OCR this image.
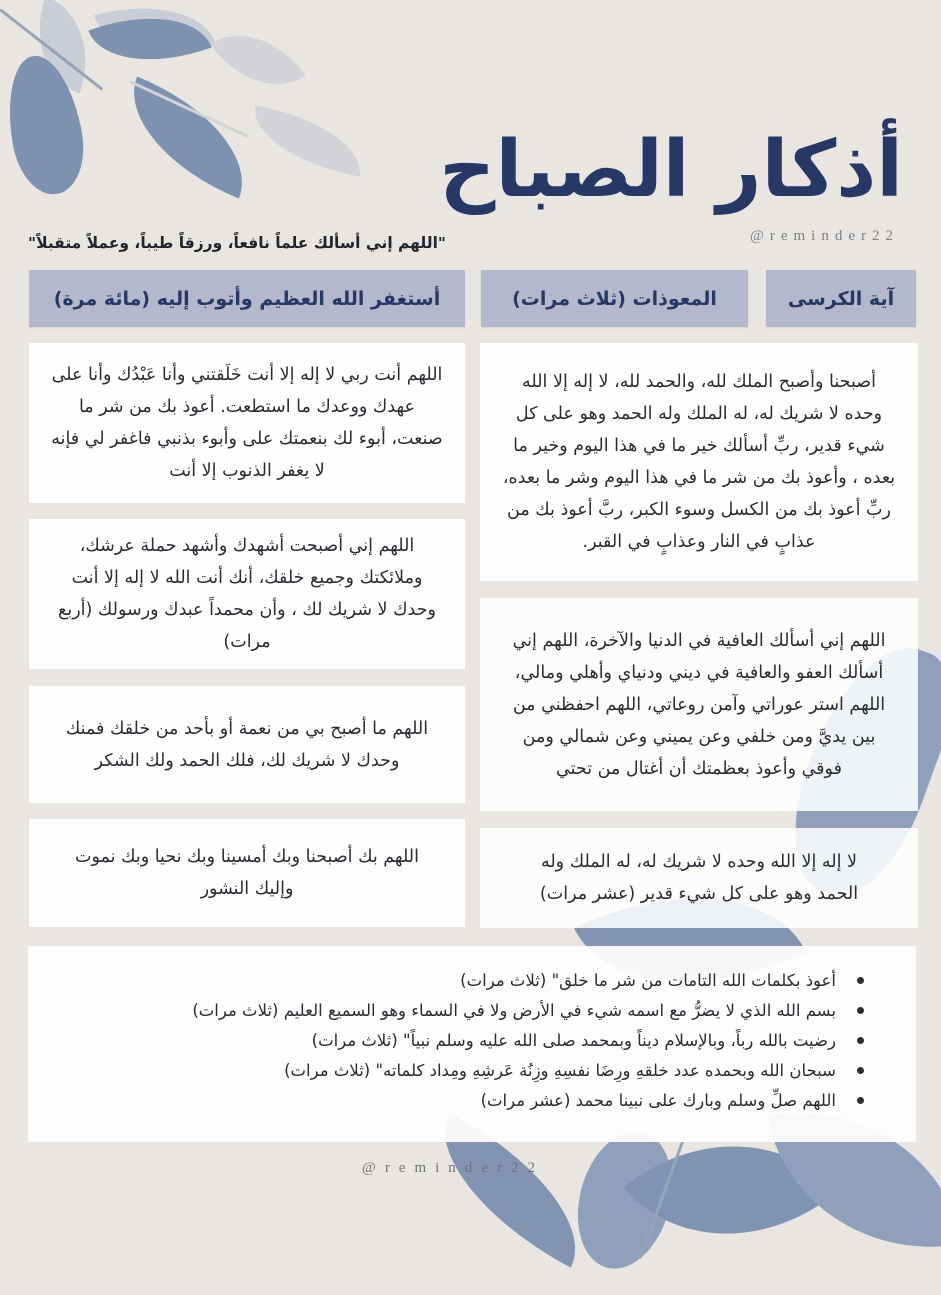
أذكار الصباح
@reminder22
"اللهم إني أسألك علماً نافعاً، ورزقاً طيباً، وعملاً متقبلاً"
آية الكرسى
المعوذات (ثلاث مرات)
أستغفر الله العظيم وأتوب إليه (مائة مرة)
أصبحنا وأصبح الملك لله، والحمد لله، لا إله إلا الله وحده لا شريك له، له الملك وله الحمد وهو على كل شيء قدير، ربِّ أسألك خير ما في هذا اليوم وخير ما بعده ، وأعوذ بك من شر ما في هذا اليوم وشر ما بعده، ربِّ أعوذ بك من الكسل وسوء الكبر، ربَّ أعوذ بك من عذابٍ في النار وعذابٍ في القبر.
اللهم إني أسألك العافية في الدنيا والآخرة، اللهم إني أسألك العفو والعافية في ديني ودنياي وأهلي ومالي، اللهم استر عوراتي وآمن روعاتي، اللهم احفظني من بين يديَّ ومن خلفي وعن يميني وعن شمالي ومن فوقي وأعوذ بعظمتك أن أغتال من تحتي
لا إله إلا الله وحده لا شريك له، له الملك وله الحمد وهو على كل شيء قدير (عشر مرات)
اللهم أنت ربي لا إله إلا أنت خَلَقتني وأنا عَبْدُك وأنا على عهدك ووعدك ما استطعت. أعوذ بك من شر ما صنعت، أبوء لك بنعمتك على وأبوء بذنبي فاغفر لي فإنه لا يغفر الذنوب إلا أنت
اللهم إني أصبحت أشهدك وأشهد حملة عرشك، وملائكتك وجميع خلقك، أنك أنت الله لا إله إلا أنت وحدك لا شريك لك ، وأن محمداً عبدك ورسولك (أربع مرات)
اللهم ما أصبح بي من نعمة أو بأحد من خلقك فمنك وحدك لا شريك لك، فلك الحمد ولك الشكر
اللهم بك أصبحنا وبك أمسينا وبك نحيا وبك نموت وإليك النشور
أعوذ بكلمات الله التامات من شر ما خلق" (ثلاث مرات)
بسم الله الذي لا يضرُّ مع اسمه شيء في الأرض ولا في السماء وهو السميع العليم (ثلاث مرات)
رضيت بالله رباً، وبالإسلام ديناً وبمحمد صلى الله عليه وسلم نبياً" (ثلاث مرات)
سبحان الله وبحمده عدد خلقهِ ورِضَا نفسِهِ وزِنُة عَرشِهِ ومِداد كلماته" (ثلاث مرات)
اللهم صلِّ وسلم وبارك على نبينا محمد (عشر مرات)
@reminder22
